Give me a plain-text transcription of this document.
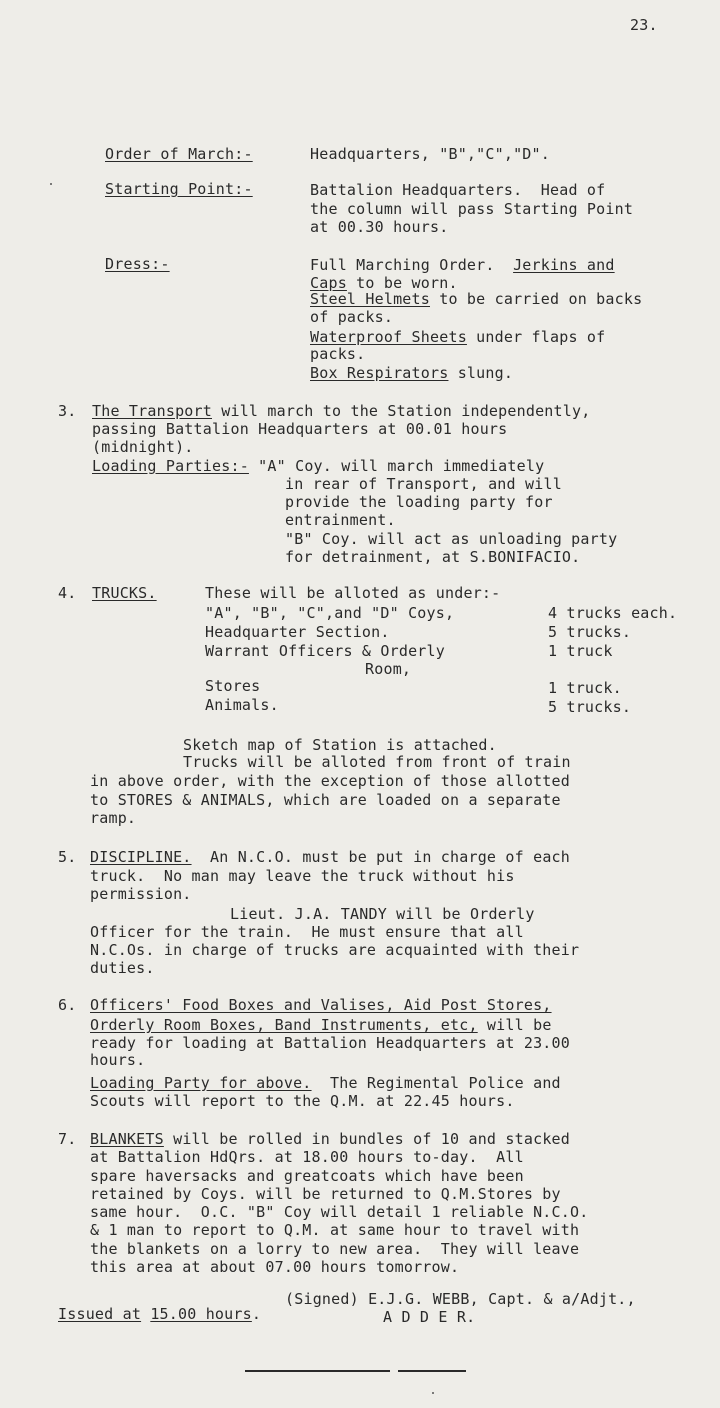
23.
Order of March:-	Headquarters, "B","C","D".
Starting Point:-	Battalion Headquarters.  Head of
the column will pass Starting Point
at 00.30 hours.
Dress:-	Full Marching Order.  Jerkins and
Caps to be worn.
Steel Helmets to be carried on backs
of packs.
Waterproof Sheets under flaps of
packs.
Box Respirators slung.
3. The Transport will march to the Station independently,
passing Battalion Headquarters at 00.01 hours
(midnight).
Loading Parties:- "A" Coy. will march immediately
in rear of Transport, and will
provide the loading party for
entrainment.
"B" Coy. will act as unloading party
for detrainment, at S.BONIFACIO.
4. TRUCKS.	These will be alloted as under:-
"A", "B", "C",and "D" Coys,	4 trucks each.
Headquarter Section.	5 trucks.
Warrant Officers & Orderly	1 truck
Room,
Stores	1 truck.
Animals.	5 trucks.
Sketch map of Station is attached.
Trucks will be alloted from front of train
in above order, with the exception of those allotted
to STORES & ANIMALS, which are loaded on a separate
ramp.
5. DISCIPLINE.  An N.C.O. must be put in charge of each
truck.  No man may leave the truck without his
permission.
Lieut. J.A. TANDY will be Orderly
Officer for the train.  He must ensure that all
N.C.Os. in charge of trucks are acquainted with their
duties.
6. Officers' Food Boxes and Valises, Aid Post Stores,
Orderly Room Boxes, Band Instruments, etc, will be
ready for loading at Battalion Headquarters at 23.00
hours.
Loading Party for above.  The Regimental Police and
Scouts will report to the Q.M. at 22.45 hours.
7. BLANKETS will be rolled in bundles of 10 and stacked
at Battalion HdQrs. at 18.00 hours to-day.  All
spare haversacks and greatcoats which have been
retained by Coys. will be returned to Q.M.Stores by
same hour.  O.C. "B" Coy will detail 1 reliable N.C.O.
& 1 man to report to Q.M. at same hour to travel with
the blankets on a lorry to new area.  They will leave
this area at about 07.00 hours tomorrow.
(Signed) E.J.G. WEBB, Capt. & a/Adjt.,
A D D E R.
Issued at 15.00 hours.
